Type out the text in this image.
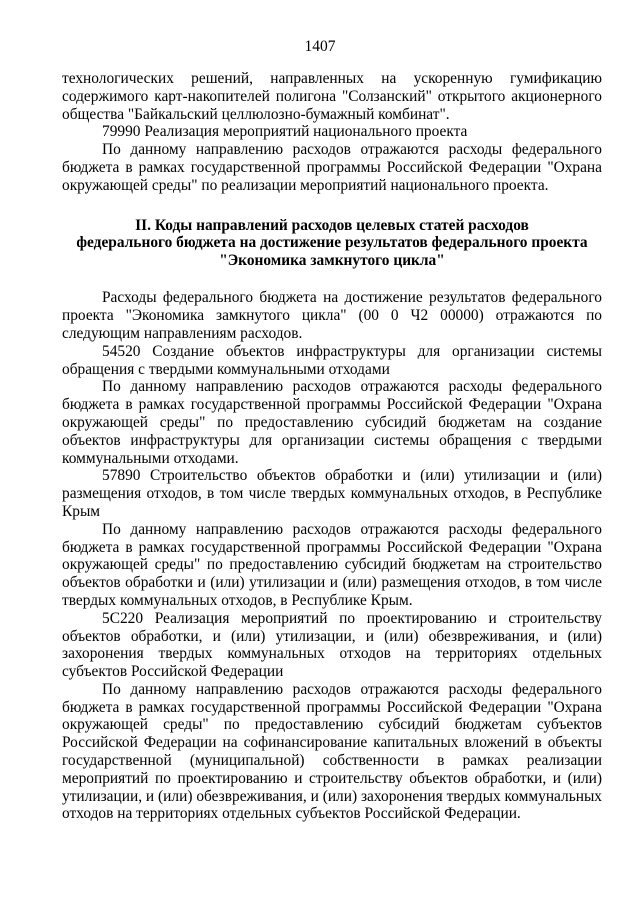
1407

технологических решений, направленных на ускоренную гумификацию содержимого карт-накопителей полигона "Солзанский" открытого акционерного общества "Байкальский целлюлозно-бумажный комбинат".

79990 Реализация мероприятий национального проекта

По данному направлению расходов отражаются расходы федерального бюджета в рамках государственной программы Российской Федерации "Охрана окружающей среды" по реализации мероприятий национального проекта.

II. Коды направлений расходов целевых статей расходов
федерального бюджета на достижение результатов федерального проекта
"Экономика замкнутого цикла"

Расходы федерального бюджета на достижение результатов федерального проекта "Экономика замкнутого цикла" (00 0 Ч2 00000) отражаются по следующим направлениям расходов.

54520 Создание объектов инфраструктуры для организации системы обращения с твердыми коммунальными отходами

По данному направлению расходов отражаются расходы федерального бюджета в рамках государственной программы Российской Федерации "Охрана окружающей среды" по предоставлению субсидий бюджетам на создание объектов инфраструктуры для организации системы обращения с твердыми коммунальными отходами.

57890 Строительство объектов обработки и (или) утилизации и (или) размещения отходов, в том числе твердых коммунальных отходов, в Республике Крым

По данному направлению расходов отражаются расходы федерального бюджета в рамках государственной программы Российской Федерации "Охрана окружающей среды" по предоставлению субсидий бюджетам на строительство объектов обработки и (или) утилизации и (или) размещения отходов, в том числе твердых коммунальных отходов, в Республике Крым.

5С220 Реализация мероприятий по проектированию и строительству объектов обработки, и (или) утилизации, и (или) обезвреживания, и (или) захоронения твердых коммунальных отходов на территориях отдельных субъектов Российской Федерации

По данному направлению расходов отражаются расходы федерального бюджета в рамках государственной программы Российской Федерации "Охрана окружающей среды" по предоставлению субсидий бюджетам субъектов Российской Федерации на софинансирование капитальных вложений в объекты государственной (муниципальной) собственности в рамках реализации мероприятий по проектированию и строительству объектов обработки, и (или) утилизации, и (или) обезвреживания, и (или) захоронения твердых коммунальных отходов на территориях отдельных субъектов Российской Федерации.
